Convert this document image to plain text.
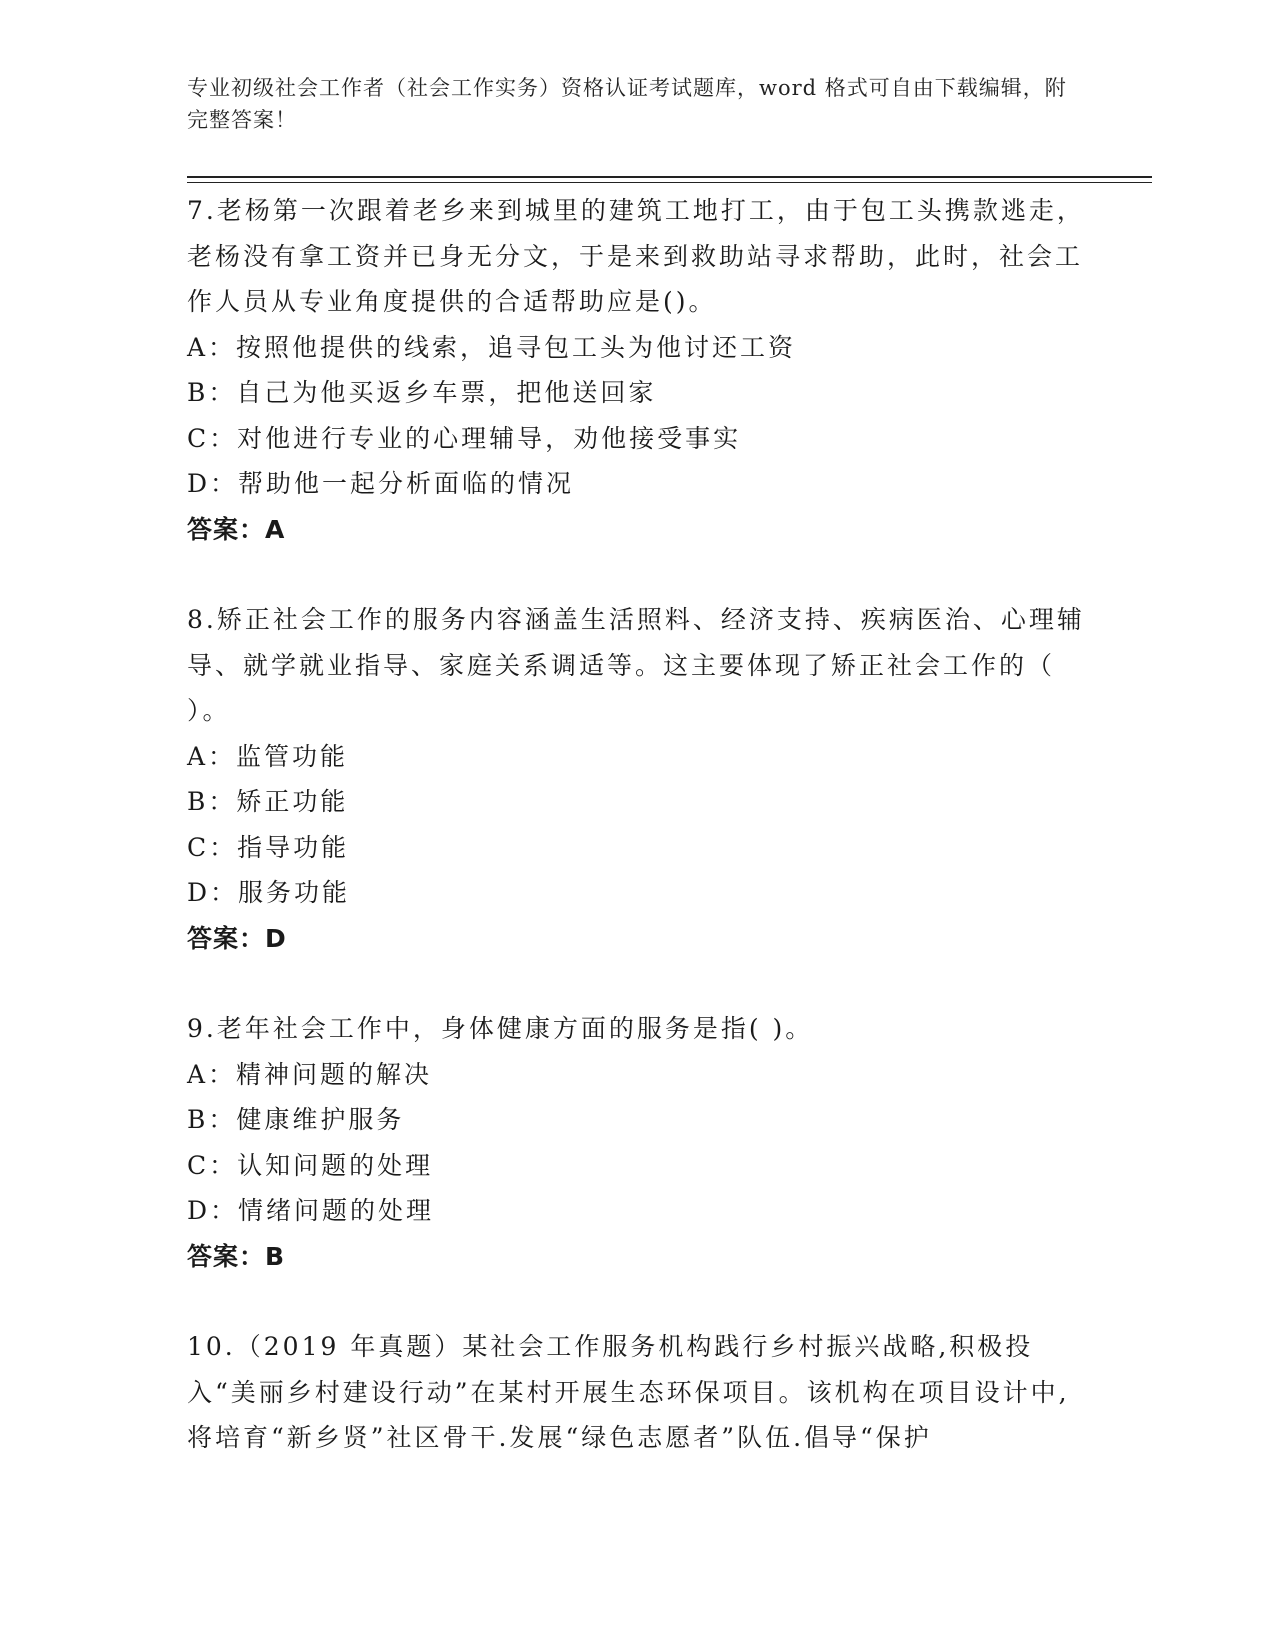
专业初级社会工作者（社会工作实务）资格认证考试题库，word 格式可自由下载编辑，附完整答案！

7.老杨第一次跟着老乡来到城里的建筑工地打工，由于包工头携款逃走，老杨没有拿工资并已身无分文，于是来到救助站寻求帮助，此时，社会工作人员从专业角度提供的合适帮助应是()。

A：按照他提供的线索，追寻包工头为他讨还工资

B：自己为他买返乡车票，把他送回家

C：对他进行专业的心理辅导，劝他接受事实

D：帮助他一起分析面临的情况

答案：A

8.矫正社会工作的服务内容涵盖生活照料、经济支持、疾病医治、心理辅导、就学就业指导、家庭关系调适等。这主要体现了矫正社会工作的（　　）。

A：监管功能

B：矫正功能

C：指导功能

D：服务功能

答案：D

9.老年社会工作中，身体健康方面的服务是指( )。

A：精神问题的解决

B：健康维护服务

C：认知问题的处理

D：情绪问题的处理

答案：B

10.（2019 年真题）某社会工作服务机构践行乡村振兴战略,积极投入“美丽乡村建设行动”在某村开展生态环保项目。该机构在项目设计中,将培育“新乡贤”社区骨干.发展“绿色志愿者”队伍.倡导“保护
